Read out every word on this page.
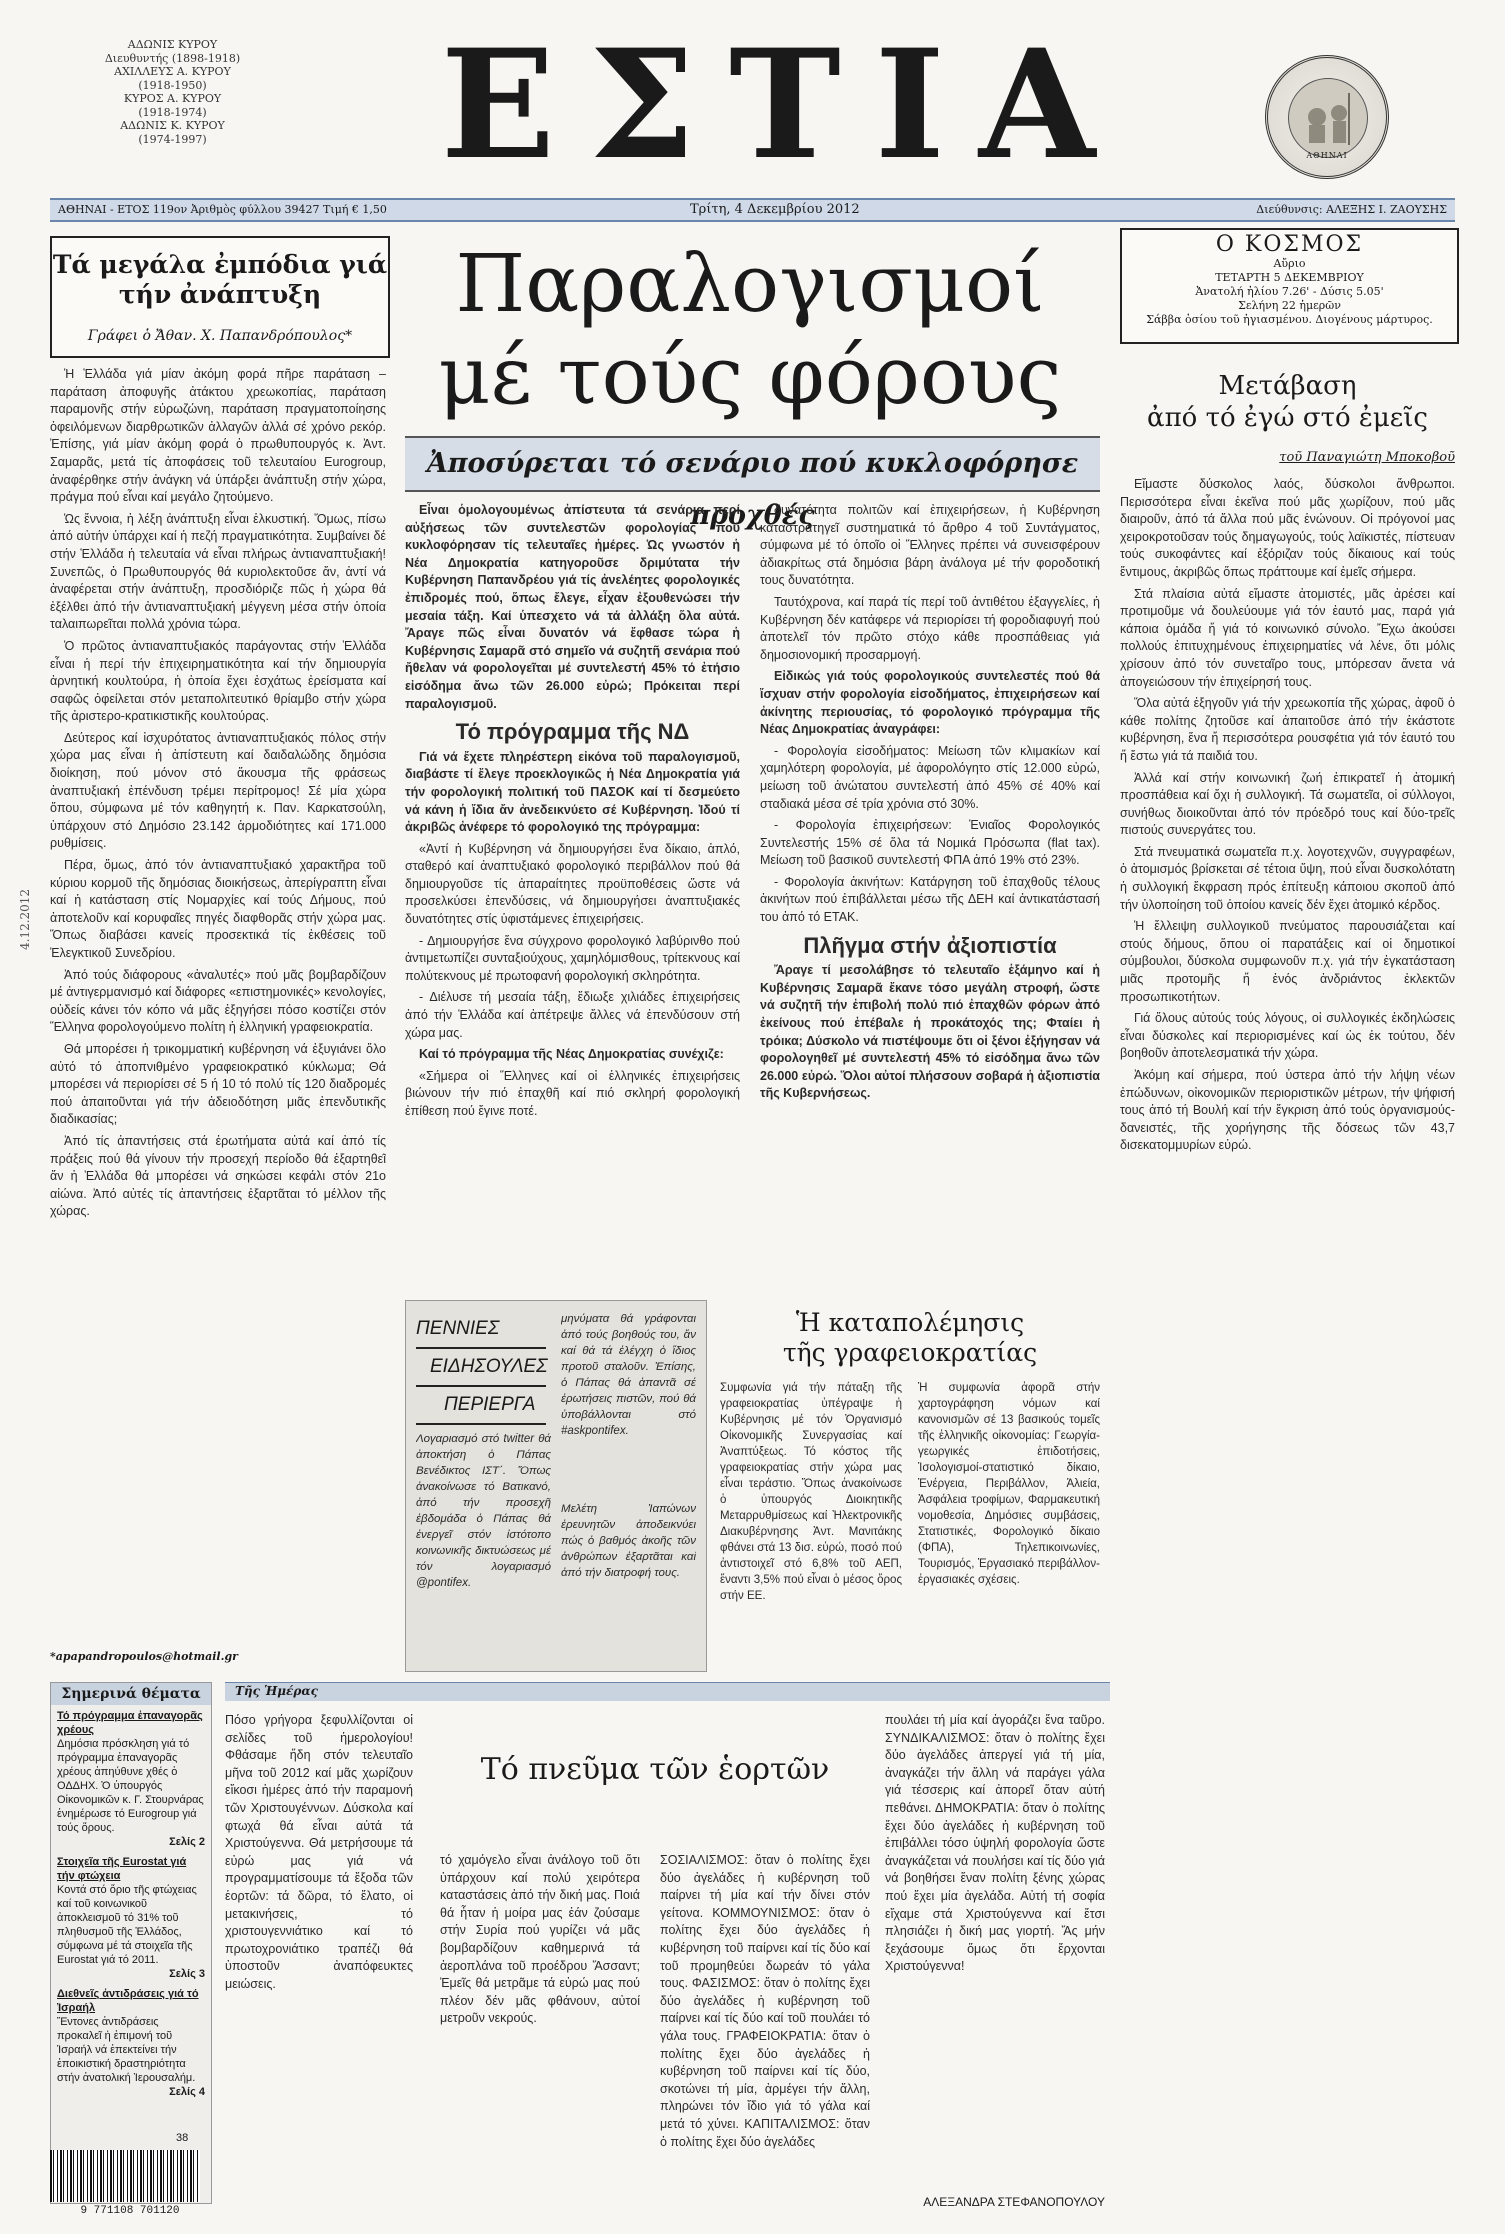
ΑΔΩΝΙΣ ΚΥΡΟΥ
Διευθυντής (1898-1918)
ΑΧΙΛΛΕΥΣ Α. ΚΥΡΟΥ
(1918-1950)
ΚΥΡΟΣ Α. ΚΥΡΟΥ
(1918-1974)
ΑΔΩΝΙΣ Κ. ΚΥΡΟΥ
(1974-1997)	ΕΣΤΙΑ	ΑΘΗΝΑΙ
ΑΘΗΝΑΙ - ΕΤΟΣ 119ον Ἀριθμὸς φύλλου 39427 Τιμή € 1,50	Τρίτη, 4 Δεκεμβρίου 2012	Διεύθυνσις: ΑΛΕΞΗΣ Ι. ΖΑΟΥΣΗΣ
Τά μεγάλα ἐμπόδια γιά τήν ἀνάπτυξη
Γράφει ὁ Ἄθαν. Χ. Παπανδρόπουλος*

Ἡ Ἑλλάδα γιά μίαν ἀκόμη φορά πῆρε παράταση –παράταση ἀποφυγῆς ἀτάκτου χρεωκοπίας, παράταση παραμονῆς στήν εὐρωζώνη, παράταση πραγματοποίησης ὀφειλόμενων διαρθρωτικῶν ἀλλαγῶν ἀλλά σέ χρόνο ρεκόρ. Ἐπίσης, γιά μίαν ἀκόμη φορά ὁ πρωθυπουργός κ. Ἀντ. Σαμαρᾶς, μετά τίς ἀποφάσεις τοῦ τελευταίου Eurogroup, ἀναφέρθηκε στήν ἀνάγκη νά ὑπάρξει ἀνάπτυξη στήν χώρα, πράγμα πού εἶναι καί μεγάλο ζητούμενο.

Ὡς ἔννοια, ἡ λέξη ἀνάπτυξη εἶναι ἑλκυστική. Ὅμως, πίσω ἀπό αὐτήν ὑπάρχει καί ἡ πεζή πραγματικότητα. Συμβαίνει δέ στήν Ἑλλάδα ἡ τελευταία νά εἶναι πλήρως ἀντιαναπτυξιακή! Συνεπῶς, ὁ Πρωθυπουργός θά κυριολεκτοῦσε ἄν, ἀντί νά ἀναφέρεται στήν ἀνάπτυξη, προσδιόριζε πῶς ἡ χώρα θά ἐξέλθει ἀπό τήν ἀντιαναπτυξιακή μέγγενη μέσα στήν ὁποία ταλαιπωρεῖται πολλά χρόνια τώρα.

Ὁ πρῶτος ἀντιαναπτυξιακός παράγοντας στήν Ἑλλάδα εἶναι ἡ περί τήν ἐπιχειρηματικότητα καί τήν δημιουργία ἀρνητική κουλτούρα, ἡ ὁποία ἔχει ἐσχάτως ἐρείσματα καί σαφῶς ὀφείλεται στόν μεταπολιτευτικό θρίαμβο στήν χώρα τῆς ἀριστερο-κρατικιστικῆς κουλτούρας.

Δεύτερος καί ἰσχυρότατος ἀντιαναπτυξιακός πόλος στήν χώρα μας εἶναι ἡ ἀπίστευτη καί δαιδαλώδης δημόσια διοίκηση, πού μόνον στό ἄκουσμα τῆς φράσεως ἀναπτυξιακή ἐπένδυση τρέμει περίτρομος! Σέ μία χώρα ὅπου, σύμφωνα μέ τόν καθηγητή κ. Παν. Καρκατσούλη, ὑπάρχουν στό Δημόσιο 23.142 ἁρμοδιότητες καί 171.000 ρυθμίσεις.

Πέρα, ὅμως, ἀπό τόν ἀντιαναπτυξιακό χαρακτῆρα τοῦ κύριου κορμοῦ τῆς δημόσιας διοικήσεως, ἀπερίγραπτη εἶναι καί ἡ κατάσταση στίς Νομαρχίες καί τούς Δήμους, πού ἀποτελοῦν καί κορυφαῖες πηγές διαφθορᾶς στήν χώρα μας. Ὅπως διαβάσει κανείς προσεκτικά τίς ἐκθέσεις τοῦ Ἐλεγκτικοῦ Συνεδρίου.

Ἀπό τούς διάφορους «ἀναλυτές» πού μᾶς βομβαρδίζουν μέ ἀντιγερμανισμό καί διάφορες «επιστημονικές» κενολογίες, οὐδείς κάνει τόν κόπο νά μᾶς ἐξηγήσει πόσο κοστίζει στόν Ἕλληνα φορολογούμενο πολίτη ἡ ἐλληνική γραφειοκρατία.

Θά μπορέσει ἡ τρικομματική κυβέρνηση νά ἐξυγιάνει ὅλο αὐτό τό ἀποπνιθμένο γραφειοκρατικό κύκλωμα; Θά μπορέσει νά περιορίσει σέ 5 ή 10 τό πολύ τίς 120 διαδρομές πού ἀπαιτοῦνται γιά τήν ἀδειοδότηση μιᾶς ἐπενδυτικῆς διαδικασίας;

Ἀπό τίς ἀπαντήσεις στά ἐρωτήματα αὐτά καί ἀπό τίς πράξεις πού θά γίνουν τήν προσεχή περίοδο θά ἐξαρτηθεῖ ἄν ἡ Ἑλλάδα θά μπορέσει νά σηκώσει κεφάλι στόν 21ο αἰώνα. Ἀπό αὐτές τίς ἀπαντήσεις ἐξαρτᾶται τό μέλλον τῆς χώρας.

*apapandropoulos@hotmail.gr
4.12.2012
Παραλογισμοί
μέ τούς φόρους
Ἀποσύρεται τό σενάριο πού κυκλοφόρησε προχθές

Εἶναι ὁμολογουμένως ἀπίστευτα τά σενάρια περί αὐξήσεως τῶν συντελεστῶν φορολογίας πού κυκλοφόρησαν τίς τελευταῖες ἡμέρες. Ὡς γνωστόν ἡ Νέα Δημοκρατία κατηγοροῦσε δριμύτατα τήν Κυβέρνηση Παπανδρέου γιά τίς ἀνελέητες φορολογικές ἐπιδρομές πού, ὅπως ἔλεγε, εἶχαν ἐξουθενώσει τήν μεσαία τάξη. Καί ὑπεσχετο νά τά ἀλλάξη ὅλα αὐτά. Ἄραγε πῶς εἶναι δυνατόν νά ἔφθασε τώρα ἡ Κυβέρνησις Σαμαρᾶ στό σημεῖο νά συζητῆ σενάρια πού ἤθελαν νά φορολογεῖται μέ συντελεστή 45% τό ἐτήσιο εἰσόδημα ἄνω τῶν 26.000 εὐρώ; Πρόκειται περί παραλογισμοῦ.

Τό πρόγραμμα τῆς ΝΔ

Γιά νά ἔχετε πληρέστερη εἰκόνα τοῦ παραλογισμοῦ, διαβάστε τί ἔλεγε προεκλογικῶς ἡ Νέα Δημοκρατία γιά τήν φορολογική πολιτική τοῦ ΠΑΣΟΚ καί τί δεσμεύετο νά κάνη ἡ ἴδια ἄν ἀνεδεικνύετο σέ Κυβέρνηση. Ἰδού τί ἀκριβῶς ἀνέφερε τό φορολογικό της πρόγραμμα:

«Ἀντί ἡ Κυβέρνηση νά δημιουργήσει ἕνα δίκαιο, ἁπλό, σταθερό καί ἀναπτυξιακό φορολογικό περιβάλλον πού θά δημιουργοῦσε τίς ἀπαραίτητες προϋποθέσεις ὥστε νά προσελκύσει ἐπενδύσεις, νά δημιουργήσει ἀναπτυξιακές δυνατότητες στίς ὑφιστάμενες ἐπιχειρήσεις.

- Δημιουργήσε ἕνα σύγχρονο φορολογικό λαβύρινθο πού ἀντιμετωπίζει συνταξιούχους, χαμηλόμισθους, τρίτεκνους καί πολύτεκνους μέ πρωτοφανή φορολογική σκληρότητα.

- Διέλυσε τή μεσαία τάξη, ἔδιωξε χιλιάδες ἐπιχειρήσεις ἀπό τήν Ἑλλάδα καί ἀπέτρεψε ἄλλες νά ἐπενδύσουν στή χώρα μας.

Καί τό πρόγραμμα τῆς Νέας Δημοκρατίας συνέχιζε:

«Σήμερα οἱ Ἕλληνες καί οἱ ἑλληνικές ἐπιχειρήσεις βιώνουν τήν πιό ἐπαχθῆ καί πιό σκληρή φορολογική ἐπίθεση πού ἔγινε ποτέ.

δυνατότητα πολιτῶν καί ἐπιχειρήσεων, ἡ Κυβέρνηση καταστρατηγεῖ συστηματικά τό ἄρθρο 4 τοῦ Συντάγματος, σύμφωνα μέ τό ὁποῖο οἱ Ἕλληνες πρέπει νά συνεισφέρουν ἀδιακρίτως στά δημόσια βάρη ἀνάλογα μέ τήν φοροδοτική τους δυνατότητα.

Ταυτόχρονα, καί παρά τίς περί τοῦ ἀντιθέτου ἐξαγγελίες, ἡ Κυβέρνηση δέν κατάφερε νά περιορίσει τή φοροδιαφυγή πού ἀποτελεῖ τόν πρῶτο στόχο κάθε προσπάθειας γιά δημοσιονομική προσαρμογή.

Εἰδικώς γιά τούς φορολογικούς συντελεστές πού θά ἴσχυαν στήν φορολογία εἰσοδήματος, ἐπιχειρήσεων καί ἀκίνητης περιουσίας, τό φορολογικό πρόγραμμα τῆς Νέας Δημοκρατίας ἀναγράφει:

- Φορολογία εἰσοδήματος: Μείωση τῶν κλιμακίων καί χαμηλότερη φορολογία, μέ ἀφορολόγητο στίς 12.000 εὐρώ, μείωση τοῦ ἀνώτατου συντελεστή ἀπό 45% σέ 40% καί σταδιακά μέσα σέ τρία χρόνια στό 30%.

- Φορολογία ἐπιχειρήσεων: Ἑνιαῖος Φορολογικός Συντελεστής 15% σέ ὅλα τά Νομικά Πρόσωπα (flat tax). Μείωση τοῦ βασικοῦ συντελεστή ΦΠΑ ἀπό 19% στό 23%.

- Φορολογία ἀκινήτων: Κατάργηση τοῦ ἐπαχθοῦς τέλους ἀκινήτων πού ἐπιβάλλεται μέσω τῆς ΔΕΗ καί ἀντικατάστασή του ἀπό τό ΕΤΑΚ.

Πλῆγμα στήν ἀξιοπιστία

Ἄραγε τί μεσολάβησε τό τελευταῖο ἑξάμηνο καί ἡ Κυβέρνησις Σαμαρᾶ ἔκανε τόσο μεγάλη στροφή, ὥστε νά συζητῆ τήν ἐπιβολή πολύ πιό ἐπαχθῶν φόρων ἀπό ἐκείνους πού ἐπέβαλε ἡ προκάτοχός της; Φταίει ἡ τρόικα; Δύσκολο νά πιστέψουμε ὅτι οἱ ξένοι ἐξήγησαν νά φορολογηθεῖ μέ συντελεστή 45% τό εἰσόδημα ἄνω τῶν 26.000 εὐρώ. Ὅλοι αὐτοί πλήσσουν σοβαρά ἡ ἀξιοπιστία τῆς Κυβερνήσεως.

ΠΕΝΝΙΕΣ
ΕΙΔΗΣΟΥΛΕΣ
ΠΕΡΙΕΡΓΑ
Λογαριασμό στό twitter θά ἀποκτήση ὁ Πάπας Βενέδικτος ΙΣΤ΄. Ὅπως ἀνακοίνωσε τό Βατικανό, ἀπό τήν προσεχῆ ἑβδομάδα ὁ Πάπας θά ἐνεργεῖ στόν ἰστότοπο κοινωνικῆς δικτυώσεως μέ τόν λογαριασμό @pontifex.
μηνύματα θά γράφονται ἀπό τούς βοηθούς του, ἄν καί θά τά ἐλέγχη ὁ ἴδιος προτοῦ σταλοῦν. Ἐπίσης, ὁ Πάπας θά ἀπαντᾶ σέ ἐρωτήσεις πιστῶν, πού θά ὑποβάλλονται στό #askpontifex.
Μελέτη Ἰαπώνων ἐρευνητῶν ἀποδεικνύει πώς ὁ βαθμός ἀκοῆς τῶν ἀνθρώπων ἐξαρτᾶται καί ἀπό τήν διατροφή τους.
Ἡ καταπολέμησις
τῆς γραφειοκρατίας
Συμφωνία γιά τήν πάταξη τῆς γραφειοκρατίας ὑπέγραψε ἡ Κυβέρνησις μέ τόν Ὀργανισμό Οἰκονομικῆς Συνεργασίας καί Ἀναπτύξεως. Τό κόστος τῆς γραφειοκρατίας στήν χώρα μας εἶναι τεράστιο. Ὅπως ἀνακοίνωσε ὁ ὑπουργός Διοικητικῆς Μεταρρυθμίσεως καί Ἠλεκτρονικῆς Διακυβέρνησης Ἀντ. Μανιτάκης φθάνει στά 13 δισ. εὐρώ, ποσό πού ἀντιστοιχεῖ στό 6,8% τοῦ ΑΕΠ, ἔναντι 3,5% πού εἶναι ὁ μέσος ὅρος στήν ΕΕ.
Ἡ συμφωνία ἀφορᾶ στήν χαρτογράφηση νόμων καί κανονισμῶν σέ 13 βασικούς τομεῖς τῆς ἑλληνικῆς οἰκονομίας: Γεωργία-γεωργικές ἐπιδοτήσεις, Ἰσολογισμοί-στατιστικό δίκαιο, Ἐνέργεια, Περιβάλλον, Ἁλιεία, Ἀσφάλεια τροφίμων, Φαρμακευτική νομοθεσία, Δημόσιες συμβάσεις, Στατιστικές, Φορολογικό δίκαιο (ΦΠΑ), Τηλεπικοινωνίες, Τουρισμός, Ἐργασιακό περιβάλλον-ἐργασιακές σχέσεις.
Ο ΚΟΣΜΟΣ
Αὔριο
ΤΕΤΑΡΤΗ 5 ΔΕΚΕΜΒΡΙΟΥ
Ἀνατολή ἡλίου 7.26' - Δύσις 5.05'
Σελήνη 22 ἡμερῶν
Σάββα ὁσίου τοῦ ἡγιασμένου. Διογένους μάρτυρος.
Μετάβαση
ἀπό τό ἐγώ στό ἐμεῖς
τοῦ Παναγιώτη Μποκοβοῦ

Εἴμαστε δύσκολος λαός, δύσκολοι ἄνθρωποι. Περισσότερα εἶναι ἐκεῖνα πού μᾶς χωρίζουν, πού μᾶς διαιροῦν, ἀπό τά ἄλλα πού μᾶς ἑνώνουν. Οἱ πρόγονοί μας χειροκροτοῦσαν τούς δημαγωγούς, τούς λαϊκιστές, πίστευαν τούς συκοφάντες καί ἐξόριζαν τούς δίκαιους καί τούς ἔντιμους, ἀκριβῶς ὅπως πράττουμε καί ἐμεῖς σήμερα.

Στά πλαίσια αὐτά εἴμαστε ἀτομιστές, μᾶς ἀρέσει καί προτιμοῦμε νά δουλεύουμε γιά τόν ἑαυτό μας, παρά γιά κάποια ὁμάδα ἤ γιά τό κοινωνικό σύνολο. Ἔχω ἀκούσει πολλούς ἐπιτυχημένους ἐπιχειρηματίες νά λένε, ὅτι μόλις χρίσουν ἀπό τόν συνεταῖρο τους, μπόρεσαν ἄνετα νά ἀπογειώσουν τήν ἐπιχείρησή τους.

Ὅλα αὐτά ἐξηγοῦν γιά τήν χρεωκοπία τῆς χώρας, ἀφοῦ ὁ κάθε πολίτης ζητοῦσε καί ἀπαιτοῦσε ἀπό τήν ἑκάστοτε κυβέρνηση, ἕνα ἤ περισσότερα ρουσφέτια γιά τόν ἑαυτό του ἤ ἔστω γιά τά παιδιά του.

Ἀλλά καί στήν κοινωνική ζωή ἐπικρατεῖ ἡ ἀτομική προσπάθεια καί ὄχι ἡ συλλογική. Τά σωματεῖα, οἱ σύλλογοι, συνήθως διοικοῦνται ἀπό τόν πρόεδρό τους καί δύο-τρεῖς πιστούς συνεργάτες του.

Στά πνευματικά σωματεῖα π.χ. λογοτεχνῶν, συγγραφέων, ὁ ἀτομισμός βρίσκεται σέ τέτοια ὕψη, πού εἶναι δυσκολότατη ἡ συλλογική ἔκφραση πρός ἐπίτευξη κάποιου σκοποῦ ἀπό τήν ὑλοποίηση τοῦ ὁποίου κανείς δέν ἔχει ἀτομικό κέρδος.

Ἡ ἔλλειψη συλλογικοῦ πνεύματος παρουσιάζεται καί στούς δήμους, ὅπου οἱ παρατάξεις καί οἱ δημοτικοί σύμβουλοι, δύσκολα συμφωνοῦν π.χ. γιά τήν ἐγκατάσταση μιᾶς προτομῆς ἤ ἑνός ἀνδριάντος ἐκλεκτῶν προσωπικοτήτων.

Γιά ὅλους αὐτούς τούς λόγους, οἱ συλλογικές ἐκδηλώσεις εἶναι δύσκολες καί περιορισμένες καί ὡς ἐκ τούτου, δέν βοηθοῦν ἀποτελεσματικά τήν χώρα.

Ἀκόμη καί σήμερα, πού ὑστερα ἀπό τήν λήψη νέων ἐπώδυνων, οἰκονομικῶν περιοριστικῶν μέτρων, τήν ψήφισή τους ἀπό τή Βουλή καί τήν ἔγκριση ἀπό τούς ὀργανισμούς-δανειστές, τῆς χορήγησης τῆς δόσεως τῶν 43,7 δισεκατομμυρίων εὐρώ.

Σημερινά θέματα
Τό πρόγραμμα ἐπαναγορᾶς χρέους
Δημόσια πρόσκληση γιά τό πρόγραμμα ἐπαναγορᾶς χρέους ἀπηύθυνε χθές ὁ ΟΔΔΗΧ. Ὁ ὑπουργός Οἰκονομικῶν κ. Γ. Στουρνάρας ἐνημέρωσε τό Eurogroup γιά τούς ὅρους.
Σελίς 2
Στοιχεῖα τῆς Eurostat γιά τήν φτώχεια
Κοντά στό ὅριο τῆς φτώχειας καί τοῦ κοινωνικοῦ ἀποκλεισμοῦ τό 31% τοῦ πληθυσμοῦ τῆς Ἑλλάδος, σύμφωνα μέ τά στοιχεῖα τῆς Eurostat γιά τό 2011.
Σελίς 3
Διεθνεῖς ἀντιδράσεις γιά τό Ἰσραήλ
Ἔντονες ἀντιδράσεις προκαλεῖ ἡ ἐπιμονή τοῦ Ἰσραήλ νά ἐπεκτείνει τήν ἐποικιστική δραστηριότητα στήν ἀνατολική Ἰερουσαλήμ.
Σελίς 4
38
9 771108 701120
Τῆς Ἡμέρας
Τό πνεῦμα τῶν ἑορτῶν
Πόσο γρήγορα ξεφυλλίζονται οἱ σελίδες τοῦ ἡμερολογίου! Φθάσαμε ἤδη στόν τελευταῖο μῆνα τοῦ 2012 καί μᾶς χωρίζουν εἴκοσι ἡμέρες ἀπό τήν παραμονή τῶν Χριστουγέννων. Δύσκολα καί φτωχά θά εἶναι αὐτά τά Χριστούγεννα. Θά μετρήσουμε τά εὐρώ μας γιά νά προγραμματίσουμε τά ἔξοδα τῶν ἑορτῶν: τά δῶρα, τό ἔλατο, οἱ μετακινήσεις, τό χριστουγεννιάτικο καί τό πρωτοχρονιάτικο τραπέζι θά ὑποστοῦν ἀναπόφευκτες μειώσεις.
τό χαμόγελο εἶναι ἀνάλογο τοῦ ὅτι ὑπάρχουν καί πολύ χειρότερα καταστάσεις ἀπό τήν δική μας. Ποιά θά ἦταν ἡ μοίρα μας ἐάν ζούσαμε στήν Συρία πού γυρίζει νά μᾶς βομβαρδίζουν καθημερινά τά ἀεροπλάνα τοῦ προέδρου Ἄσσαντ; Ἐμεῖς θά μετρᾶμε τά εὐρώ μας πού πλέον δέν μᾶς φθάνουν, αὐτοί μετροῦν νεκρούς.
ΣΟΣΙΑΛΙΣΜΟΣ: ὅταν ὁ πολίτης ἔχει δύο ἀγελάδες ἡ κυβέρνηση τοῦ παίρνει τή μία καί τήν δίνει στόν γείτονα. ΚΟΜΜΟΥΝΙΣΜΟΣ: ὅταν ὁ πολίτης ἔχει δύο ἀγελάδες ἡ κυβέρνηση τοῦ παίρνει καί τίς δύο καί τοῦ προμηθεύει δωρεάν τό γάλα τους. ΦΑΣΙΣΜΟΣ: ὅταν ὁ πολίτης ἔχει δύο ἀγελάδες ἡ κυβέρνηση τοῦ παίρνει καί τίς δύο καί τοῦ πουλάει τό γάλα τους. ΓΡΑΦΕΙΟΚΡΑΤΙΑ: ὅταν ὁ πολίτης ἔχει δύο ἀγελάδες ἡ κυβέρνηση τοῦ παίρνει καί τίς δύο, σκοτώνει τή μία, ἀρμέγει τήν ἄλλη, πληρώνει τόν ἴδιο γιά τό γάλα καί μετά τό χύνει. ΚΑΠΙΤΑΛΙΣΜΟΣ: ὅταν ὁ πολίτης ἔχει δύο ἀγελάδες
πουλάει τή μία καί ἀγοράζει ἕνα ταῦρο. ΣΥΝΔΙΚΑΛΙΣΜΟΣ: ὅταν ὁ πολίτης ἔχει δύο ἀγελάδες ἀπεργεί γιά τή μία, ἀναγκάζει τήν ἄλλη νά παράγει γάλα γιά τέσσερις καί ἀπορεῖ ὅταν αὐτή πεθάνει. ΔΗΜΟΚΡΑΤΙΑ: ὅταν ὁ πολίτης ἔχει δύο ἀγελάδες ἡ κυβέρνηση τοῦ ἐπιβάλλει τόσο ὑψηλή φορολογία ὥστε ἀναγκάζεται νά πουλήσει καί τίς δύο γιά νά βοηθήσει ἕναν πολίτη ξένης χώρας πού ἔχει μία ἀγελάδα. Αὐτή τή σοφία εἴχαμε στά Χριστούγεννα καί ἔτσι πλησιάζει ἡ δική μας γιορτή. Ἄς μήν ξεχάσουμε ὅμως ὅτι ἔρχονται Χριστούγεννα!
ΑΛΕΞΑΝΔΡΑ ΣΤΕΦΑΝΟΠΟΥΛΟΥ
